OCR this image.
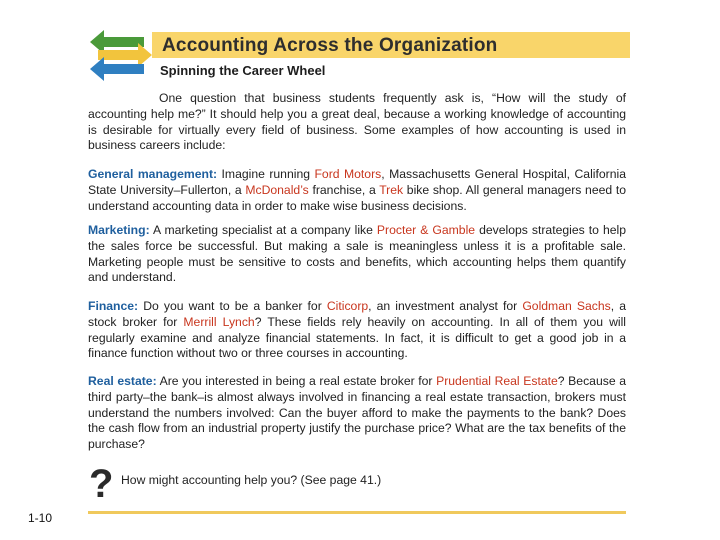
Accounting Across the Organization
Spinning the Career Wheel
One question that business students frequently ask is, “How will the study of accounting help me?” It should help you a great deal, because a working knowledge of accounting is desirable for virtually every field of business. Some examples of how accounting is used in business careers include:
General management: Imagine running Ford Motors, Massachusetts General Hospital, California State University–Fullerton, a McDonald’s franchise, a Trek bike shop. All general managers need to understand accounting data in order to make wise business decisions.
Marketing: A marketing specialist at a company like Procter & Gamble develops strategies to help the sales force be successful. But making a sale is meaningless unless it is a profitable sale. Marketing people must be sensitive to costs and benefits, which accounting helps them quantify and understand.
Finance: Do you want to be a banker for Citicorp, an investment analyst for Goldman Sachs, a stock broker for Merrill Lynch? These fields rely heavily on accounting. In all of them you will regularly examine and analyze financial statements. In fact, it is difficult to get a good job in a finance function without two or three courses in accounting.
Real estate: Are you interested in being a real estate broker for Prudential Real Estate? Because a third party–the bank–is almost always involved in financing a real estate transaction, brokers must understand the numbers involved: Can the buyer afford to make the payments to the bank? Does the cash flow from an industrial property justify the purchase price? What are the tax benefits of the purchase?
? How might accounting help you? (See page 41.)
1-10
